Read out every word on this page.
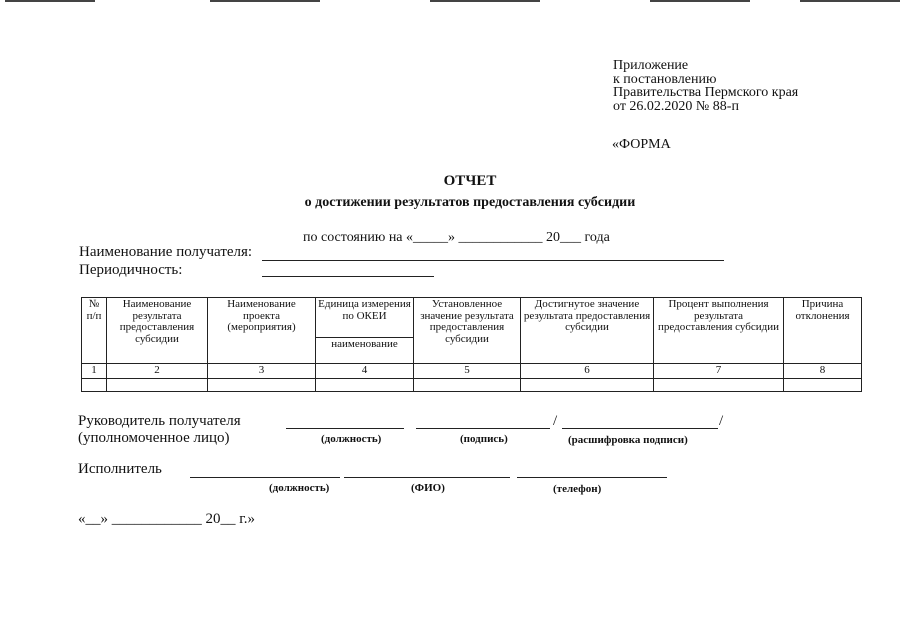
Приложение
к постановлению
Правительства Пермского края
от 26.02.2020 № 88-п
«ФОРМА
ОТЧЕТ
о достижении результатов предоставления субсидии
по состоянию на «_____» ____________ 20___ года
Наименование получателя:
Периодичность:
№ п/п	Наименование результата предоставления субсидии	Наименование проекта (мероприятия)	Единица измерения по ОКЕИ	Установленное значение результата предоставления субсидии	Достигнутое значение результата предоставления субсидии	Процент выполнения результата предоставления субсидии	Причина отклонения
			наименование				
1	2	3	4	5	6	7	8

Руководитель получателя
(уполномоченное лицо)
/	/
(должность)	(подпись)	(расшифровка подписи)
Исполнитель
(должность)	(ФИО)	(телефон)
«__» ____________ 20__ г.»
